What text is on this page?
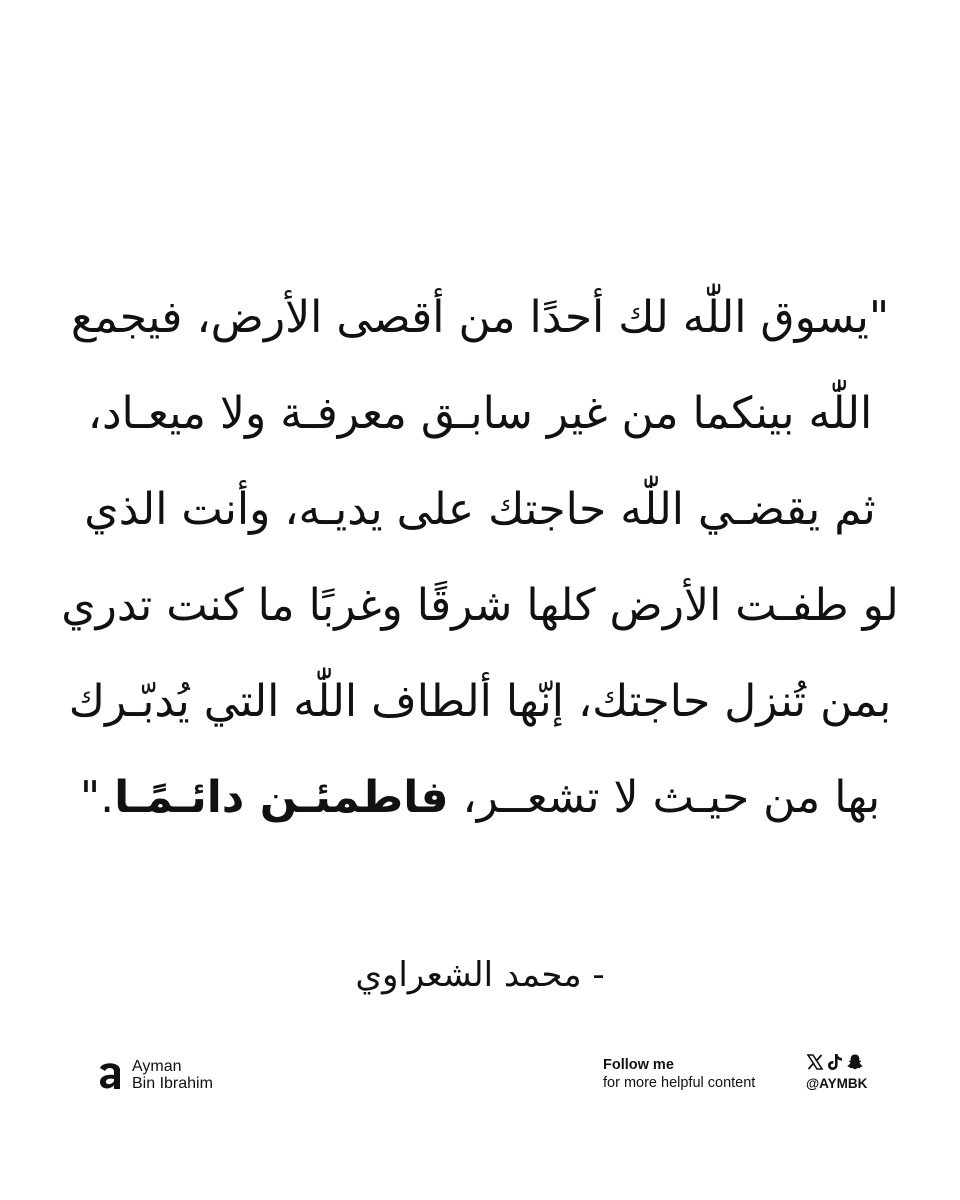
"يسوق اللّٰه لك أحدًا من أقصى الأرض، فيجمع
اللّٰه بينكما من غير سابـق معرفـة ولا ميعـاد،
ثم يقضـي اللّٰه حاجتك على يديـه، وأنت الذي
لو طفـت الأرض كلها شرقًا وغربًا ما كنت تدري
بمن تُنزل حاجتك، إنّها ألطاف اللّٰه التي يُدبّـرك
بها من حيـث لا تشعــر، فاطمئـن دائـمًـا."
- محمد الشعراوي
Ayman
Bin Ibrahim
Follow me
for more helpful content	@AYMBK
